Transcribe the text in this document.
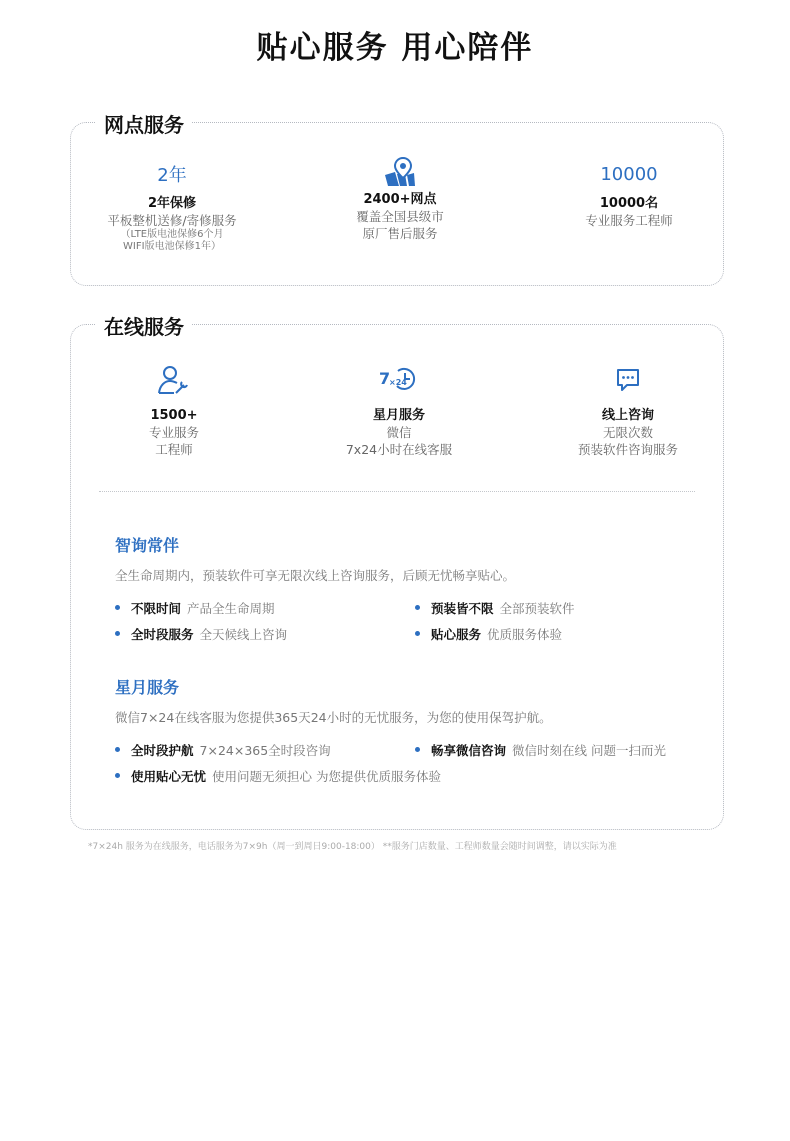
贴心服务 用心陪伴
网点服务
2年
2年保修
平板整机送修/寄修服务
（LTE版电池保修6个月
WIFI版电池保修1年）
2400+网点
覆盖全国县级市
原厂售后服务
10000
10000名
专业服务工程师
在线服务
1500+
专业服务
工程师
7
×24
星月服务
微信
7x24小时在线客服
线上咨询
无限次数
预装软件咨询服务
智询常伴
全生命周期内，预装软件可享无限次线上咨询服务，后顾无忧畅享贴心。
不限时间 产品全生命周期	预装皆不限 全部预装软件
全时段服务 全天候线上咨询	贴心服务 优质服务体验
星月服务
微信7×24在线客服为您提供365天24小时的无忧服务，为您的使用保驾护航。
全时段护航 7×24×365全时段咨询	畅享微信咨询 微信时刻在线 问题一扫而光
使用贴心无忧 使用问题无须担心 为您提供优质服务体验
*7×24h 服务为在线服务，电话服务为7×9h（周一到周日9:00-18:00） **服务门店数量、工程师数量会随时间调整，请以实际为准
